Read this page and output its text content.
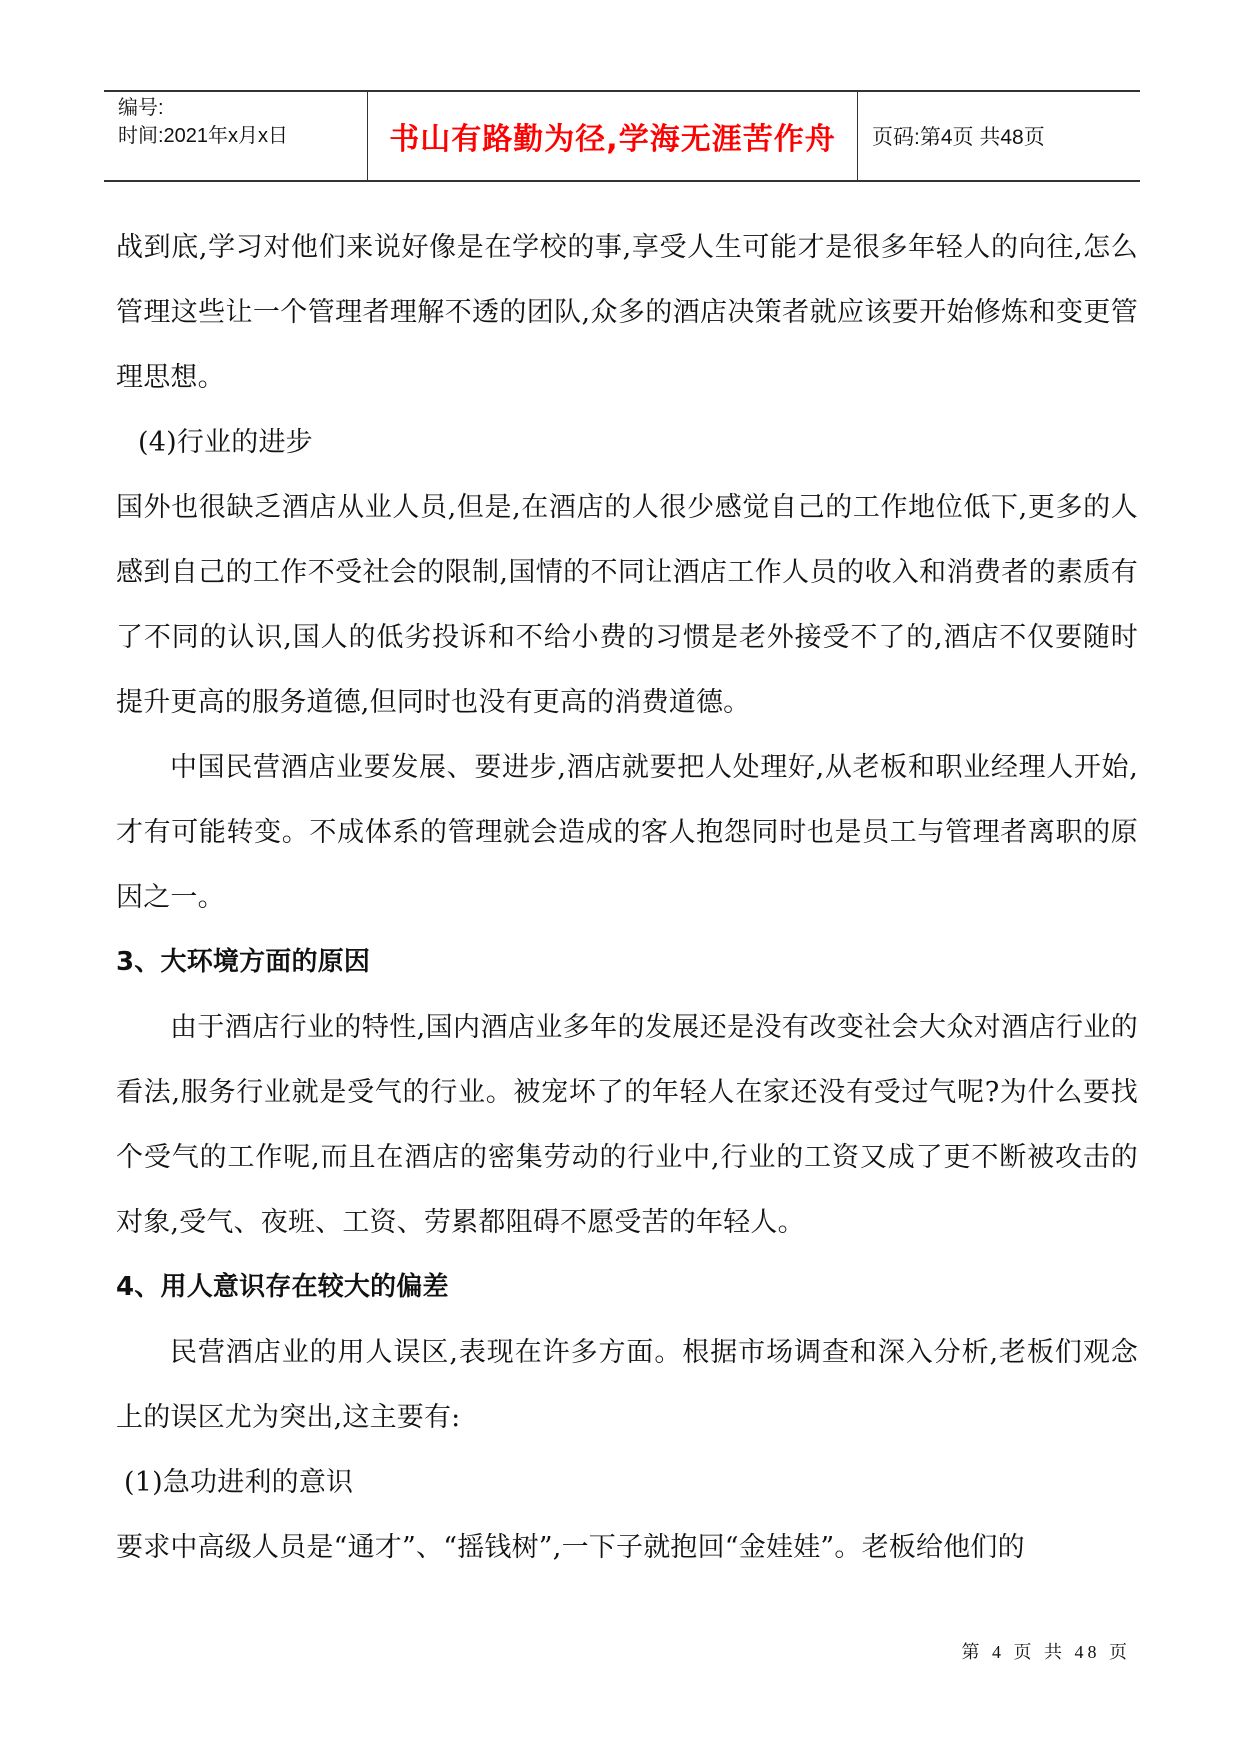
编号:
时间:2021年x月x日	书山有路勤为径,学海无涯苦作舟 页码:第4页 共48页

战到底,学习对他们来说好像是在学校的事,享受人生可能才是很多年轻人的向往,怎么管理这些让一个管理者理解不透的团队,众多的酒店决策者就应该要开始修炼和变更管理思想。

(4)行业的进步

国外也很缺乏酒店从业人员,但是,在酒店的人很少感觉自己的工作地位低下,更多的人感到自己的工作不受社会的限制,国情的不同让酒店工作人员的收入和消费者的素质有了不同的认识,国人的低劣投诉和不给小费的习惯是老外接受不了的,酒店不仅要随时提升更高的服务道德,但同时也没有更高的消费道德。

中国民营酒店业要发展、要进步,酒店就要把人处理好,从老板和职业经理人开始,才有可能转变。不成体系的管理就会造成的客人抱怨同时也是员工与管理者离职的原因之一。

3、大环境方面的原因

由于酒店行业的特性,国内酒店业多年的发展还是没有改变社会大众对酒店行业的看法,服务行业就是受气的行业。被宠坏了的年轻人在家还没有受过气呢?为什么要找个受气的工作呢,而且在酒店的密集劳动的行业中,行业的工资又成了更不断被攻击的对象,受气、夜班、工资、劳累都阻碍不愿受苦的年轻人。

4、用人意识存在较大的偏差

民营酒店业的用人误区,表现在许多方面。根据市场调查和深入分析,老板们观念上的误区尤为突出,这主要有:

(1)急功进利的意识

要求中高级人员是“通才”、“摇钱树”,一下子就抱回“金娃娃”。老板给他们的

第 4 页 共 48 页
